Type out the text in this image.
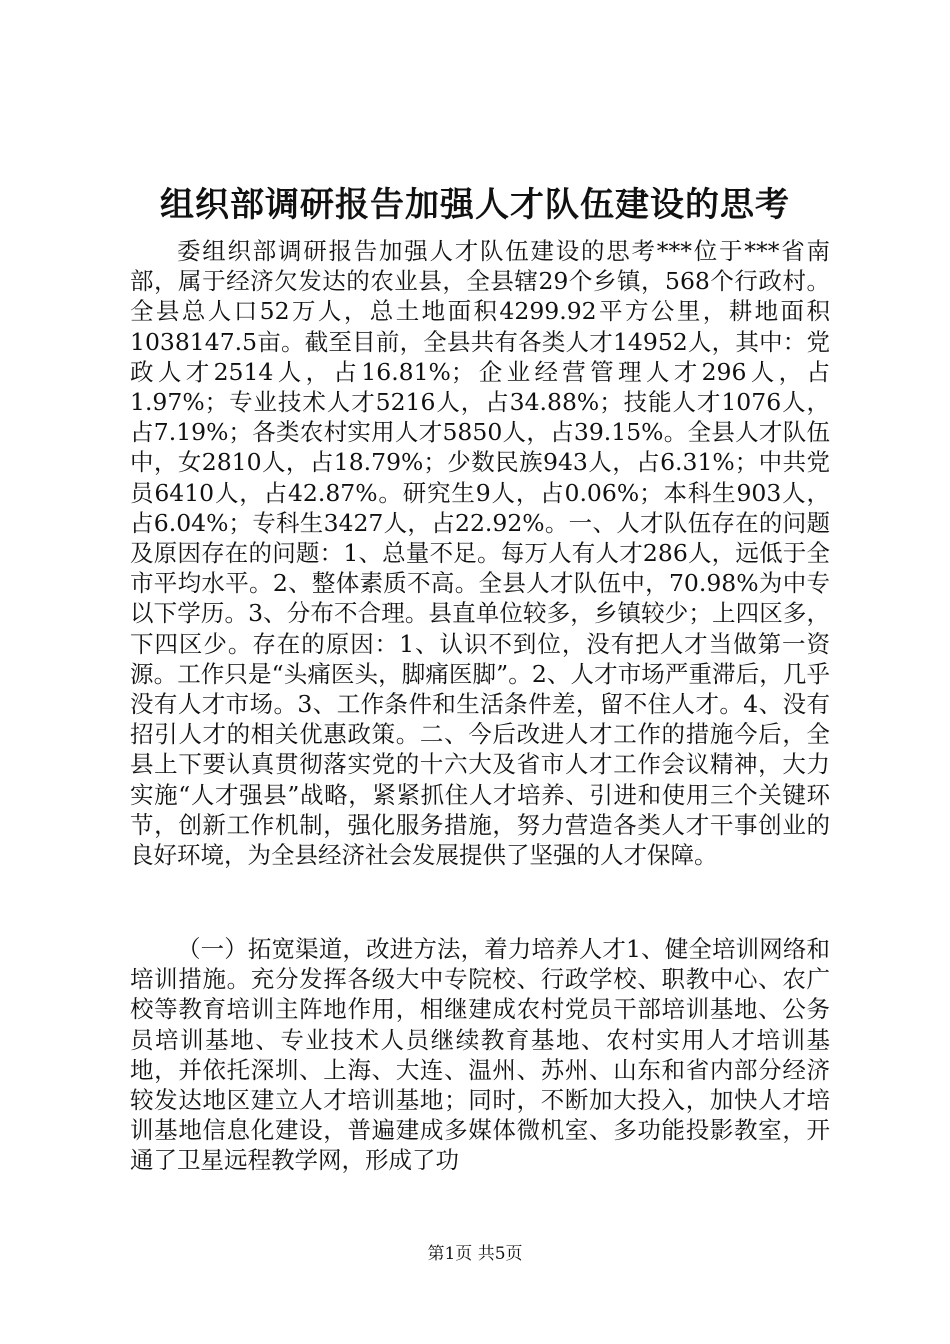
组织部调研报告加强人才队伍建设的思考

委组织部调研报告加强人才队伍建设的思考***位于***省南部，属于经济欠发达的农业县，全县辖29个乡镇，568个行政村。全县总人口52万人，总土地面积4299.92平方公里，耕地面积1038147.5亩。截至目前，全县共有各类人才14952人，其中：党政人才2514人，占16.81%；企业经营管理人才296人，占1.97%；专业技术人才5216人，占34.88%；技能人才1076人，占7.19%；各类农村实用人才5850人，占39.15%。全县人才队伍中，女2810人，占18.79%；少数民族943人，占6.31%；中共党员6410人，占42.87%。研究生9人，占0.06%；本科生903人，占6.04%；专科生3427人，占22.92%。一、人才队伍存在的问题及原因存在的问题：1、总量不足。每万人有人才286人，远低于全市平均水平。2、整体素质不高。全县人才队伍中，70.98%为中专以下学历。3、分布不合理。县直单位较多，乡镇较少；上四区多，下四区少。存在的原因：1、认识不到位，没有把人才当做第一资源。工作只是“头痛医头，脚痛医脚”。2、人才市场严重滞后，几乎没有人才市场。3、工作条件和生活条件差，留不住人才。4、没有招引人才的相关优惠政策。二、今后改进人才工作的措施今后，全县上下要认真贯彻落实党的十六大及省市人才工作会议精神，大力实施“人才强县”战略，紧紧抓住人才培养、引进和使用三个关键环节，创新工作机制，强化服务措施，努力营造各类人才干事创业的良好环境，为全县经济社会发展提供了坚强的人才保障。

（一）拓宽渠道，改进方法，着力培养人才1、健全培训网络和培训措施。充分发挥各级大中专院校、行政学校、职教中心、农广校等教育培训主阵地作用，相继建成农村党员干部培训基地、公务员培训基地、专业技术人员继续教育基地、农村实用人才培训基地，并依托深圳、上海、大连、温州、苏州、山东和省内部分经济较发达地区建立人才培训基地；同时，不断加大投入，加快人才培训基地信息化建设，普遍建成多媒体微机室、多功能投影教室，开通了卫星远程教学网，形成了功

第1页 共5页
